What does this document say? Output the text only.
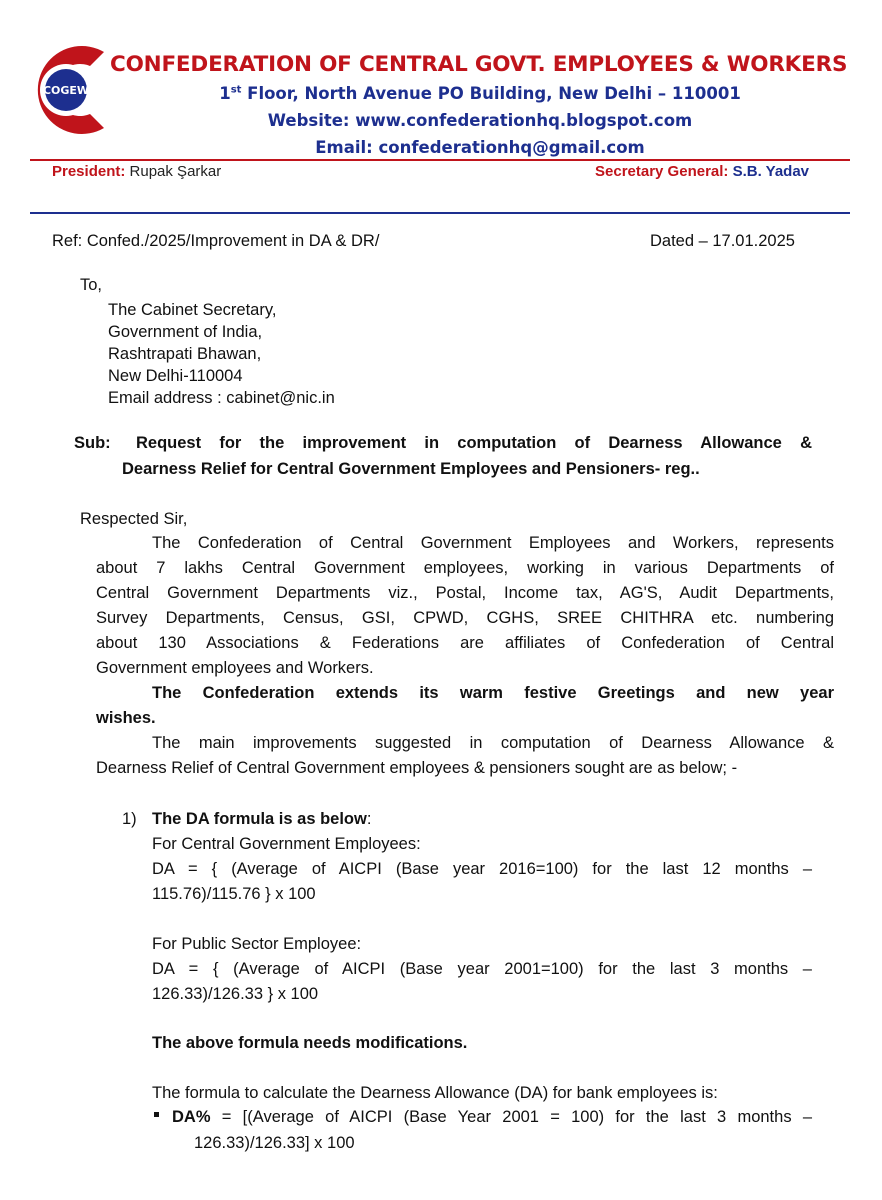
COGEW
CONFEDERATION OF CENTRAL GOVT. EMPLOYEES & WORKERS
1st Floor, North Avenue PO Building, New Delhi – 110001
Website: www.confederationhq.blogspot.com
Email: confederationhq@gmail.com
President: Rupak Şarkar	Secretary General: S.B. Yadav
Ref: Confed./2025/Improvement in DA & DR/	Dated – 17.01.2025
To,
The Cabinet Secretary,
Government of India,
Rashtrapati Bhawan,
New Delhi-110004
Email address : cabinet@nic.in
Sub: Request for the improvement in computation of Dearness Allowance &
Dearness Relief for Central Government Employees and Pensioners- reg..
Respected Sir,
The Confederation of Central Government Employees and Workers, represents
about 7 lakhs Central Government employees, working in various Departments of
Central Government Departments viz., Postal, Income tax, AG'S, Audit Departments,
Survey Departments, Census, GSI, CPWD, CGHS, SREE CHITHRA etc. numbering
about 130 Associations & Federations are affiliates of Confederation of Central
Government employees and Workers.
The Confederation extends its warm festive Greetings and new year
wishes.
The main improvements suggested in computation of Dearness Allowance &
Dearness Relief of Central Government employees & pensioners sought are as below; -
1) The DA formula is as below:
For Central Government Employees:
DA = { (Average of AICPI (Base year 2016=100) for the last 12 months –
115.76)/115.76 } x 100
For Public Sector Employee:
DA = { (Average of AICPI (Base year 2001=100) for the last 3 months –
126.33)/126.33 } x 100
The above formula needs modifications.
The formula to calculate the Dearness Allowance (DA) for bank employees is:
DA% = [(Average of AICPI (Base Year 2001 = 100) for the last 3 months –
126.33)/126.33] x 100
